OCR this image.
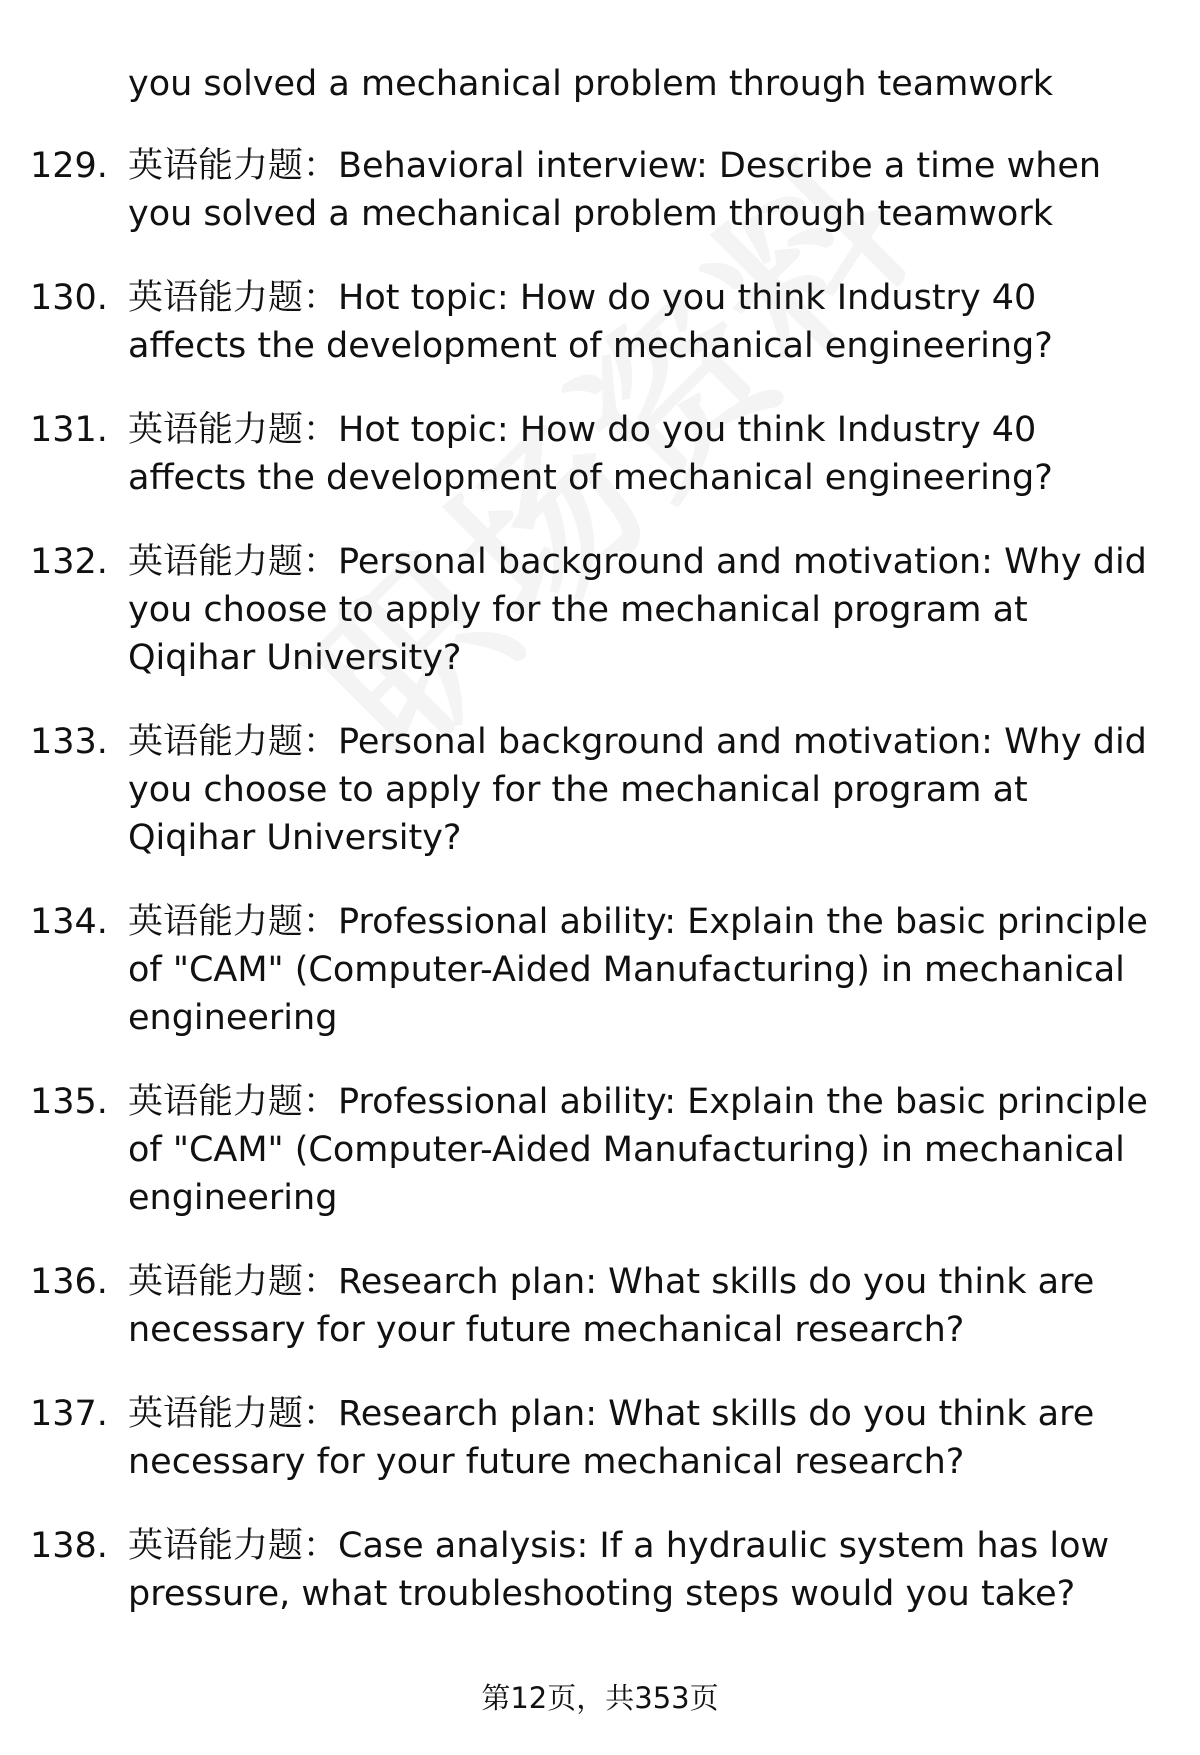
you solved a mechanical problem through teamwork

129. 英语能力题：Behavioral interview: Describe a time when you solved a mechanical problem through teamwork
130. 英语能力题：Hot topic: How do you think Industry 40 affects the development of mechanical engineering?
131. 英语能力题：Hot topic: How do you think Industry 40 affects the development of mechanical engineering?
132. 英语能力题：Personal background and motivation: Why did you choose to apply for the mechanical program at Qiqihar University?
133. 英语能力题：Personal background and motivation: Why did you choose to apply for the mechanical program at Qiqihar University?
134. 英语能力题：Professional ability: Explain the basic principle of "CAM" (Computer-Aided Manufacturing) in mechanical engineering
135. 英语能力题：Professional ability: Explain the basic principle of "CAM" (Computer-Aided Manufacturing) in mechanical engineering
136. 英语能力题：Research plan: What skills do you think are necessary for your future mechanical research?
137. 英语能力题：Research plan: What skills do you think are necessary for your future mechanical research?
138. 英语能力题：Case analysis: If a hydraulic system has low pressure, what troubleshooting steps would you take?
第12页，共353页
